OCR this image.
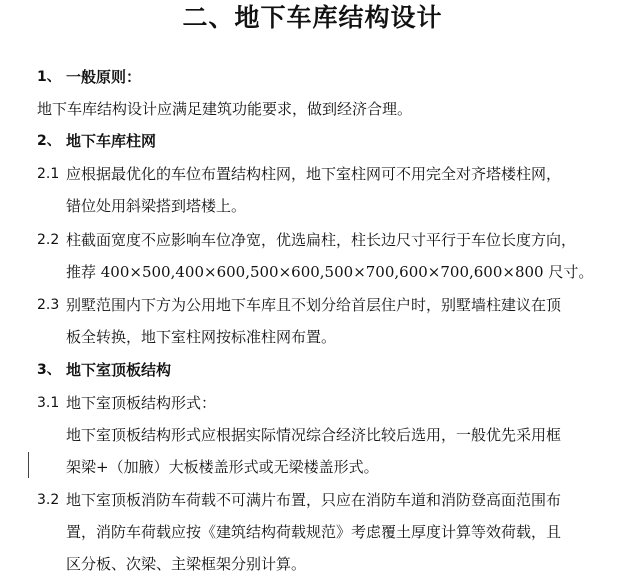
二、地下车库结构设计
1、 一般原则：
地下车库结构设计应满足建筑功能要求，做到经济合理。
2、 地下车库柱网
2.1 应根据最优化的车位布置结构柱网，地下室柱网可不用完全对齐塔楼柱网，
错位处用斜梁搭到塔楼上。
2.2 柱截面宽度不应影响车位净宽，优选扁柱，柱长边尺寸平行于车位长度方向，
推荐 400×500,400×600,500×600,500×700,600×700,600×800 尺寸。
2.3 别墅范围内下方为公用地下车库且不划分给首层住户时，别墅墙柱建议在顶
板全转换，地下室柱网按标准柱网布置。
3、 地下室顶板结构
3.1 地下室顶板结构形式：
地下室顶板结构形式应根据实际情况综合经济比较后选用，一般优先采用框
架梁+（加腋）大板楼盖形式或无梁楼盖形式。
3.2 地下室顶板消防车荷载不可满片布置，只应在消防车道和消防登高面范围布
置，消防车荷载应按《建筑结构荷载规范》考虑覆土厚度计算等效荷载，且
区分板、次梁、主梁框架分别计算。
